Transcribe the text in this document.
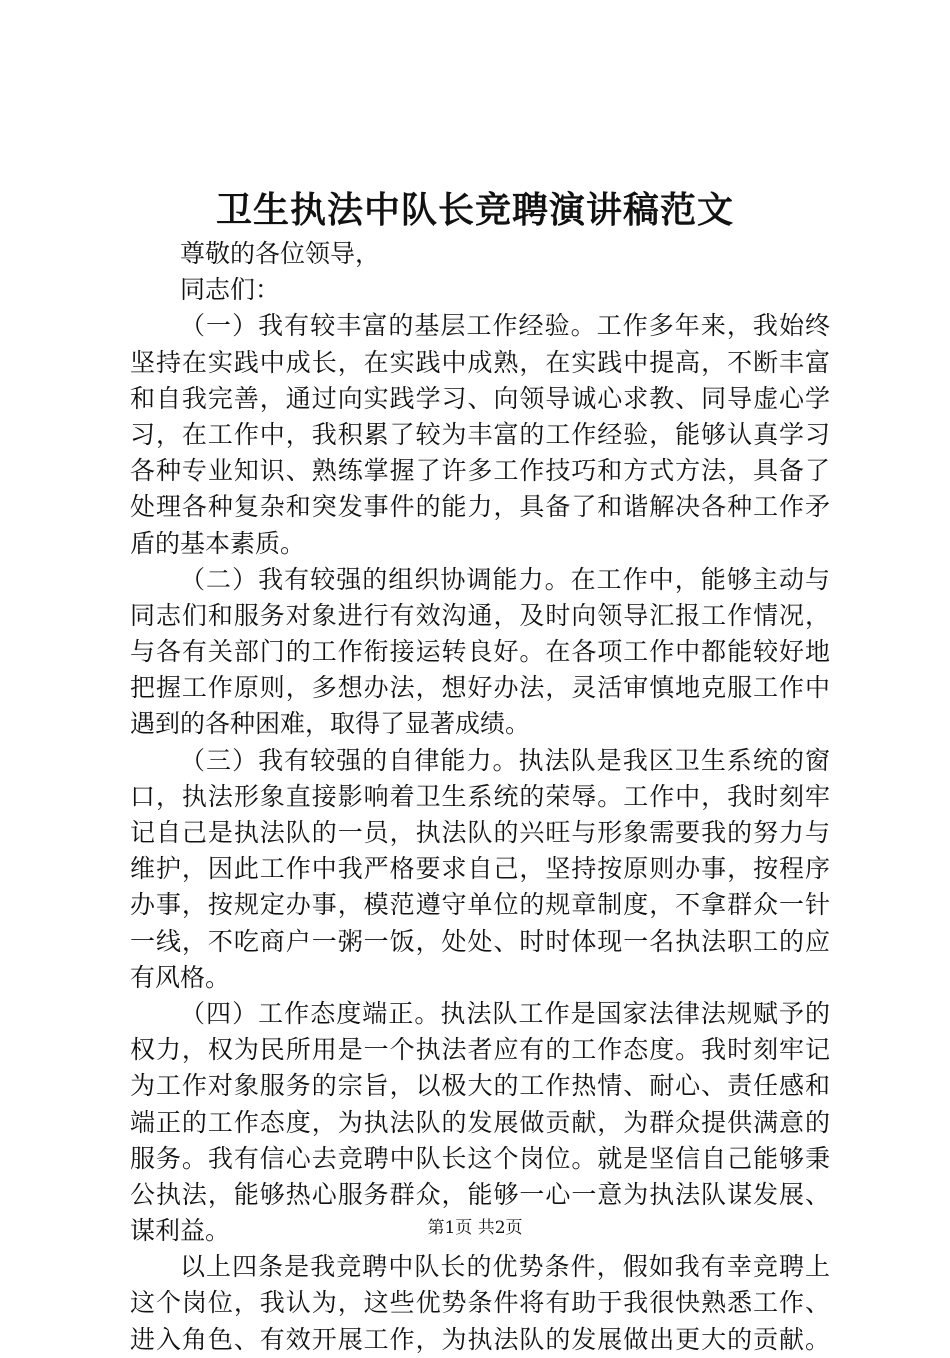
卫生执法中队长竞聘演讲稿范文

尊敬的各位领导，

同志们：

（一）我有较丰富的基层工作经验。工作多年来，我始终

坚持在实践中成长，在实践中成熟，在实践中提高，不断丰富

和自我完善，通过向实践学习、向领导诚心求教、同导虚心学

习，在工作中，我积累了较为丰富的工作经验，能够认真学习

各种专业知识、熟练掌握了许多工作技巧和方式方法，具备了

处理各种复杂和突发事件的能力，具备了和谐解决各种工作矛

盾的基本素质。

（二）我有较强的组织协调能力。在工作中，能够主动与

同志们和服务对象进行有效沟通，及时向领导汇报工作情况，

与各有关部门的工作衔接运转良好。在各项工作中都能较好地

把握工作原则，多想办法，想好办法，灵活审慎地克服工作中

遇到的各种困难，取得了显著成绩。

（三）我有较强的自律能力。执法队是我区卫生系统的窗

口，执法形象直接影响着卫生系统的荣辱。工作中，我时刻牢

记自己是执法队的一员，执法队的兴旺与形象需要我的努力与

维护，因此工作中我严格要求自己，坚持按原则办事，按程序

办事，按规定办事，模范遵守单位的规章制度，不拿群众一针

一线，不吃商户一粥一饭，处处、时时体现一名执法职工的应

有风格。

（四）工作态度端正。执法队工作是国家法律法规赋予的

权力，权为民所用是一个执法者应有的工作态度。我时刻牢记

为工作对象服务的宗旨，以极大的工作热情、耐心、责任感和

端正的工作态度，为执法队的发展做贡献，为群众提供满意的

服务。我有信心去竞聘中队长这个岗位。就是坚信自己能够秉

公执法，能够热心服务群众，能够一心一意为执法队谋发展、

谋利益。

以上四条是我竞聘中队长的优势条件，假如我有幸竞聘上

这个岗位，我认为，这些优势条件将有助于我很快熟悉工作、

进入角色、有效开展工作，为执法队的发展做出更大的贡献。

第1页 共2页
